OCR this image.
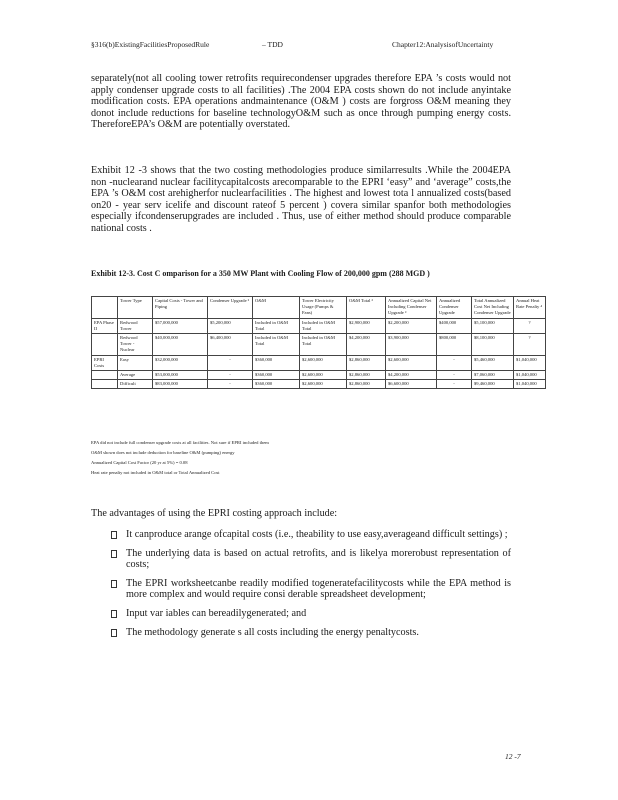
§316(b)ExistingFacilitiesProposedRule	– TDD	Chapter12:AnalysisofUncertainty

separately(not all cooling tower retrofits requirecondenser upgrades therefore EPA ’s costs would not apply condenser upgrade costs to all facilities) .The 2004 EPA costs shown do not include anyintake modification costs. EPA operations andmaintenance (O&M ) costs are forgross O&M meaning they donot include reductions for baseline technologyO&M such as once through pumping energy costs. ThereforeEPA’s O&M are potentially overstated.

Exhibit 12 -3 shows that the two costing methodologies produce similarresults .While the 2004EPA non -nuclearand nuclear facilitycapitalcosts arecomparable to the EPRI ‘easy” and ‘average” costs,the EPA ’s O&M cost arehigherfor nuclearfacilities . The highest and lowest tota l annualized costs(based on20 - year serv icelife and discount rateof 5 percent ) covera similar spanfor both methodologies especially ifcondenserupgrades are included . Thus, use of either method should produce comparable national costs .

Exhibit 12-3. Cost C omparison for a 350 MW Plant with Cooling Flow of 200,000 gpm (288 MGD )

	Tower Type	Capital Costs - Tower and Piping	Condenser Upgrade ³	O&M	Tower Electricity Usage (Pumps & Fans)	O&M Total ²	Annualized Capital Net Including Condenser Upgrade ³	Annualized Condenser Upgrade	Total Annualized Cost Net Including Condenser Upgrade	Annual Heat Rate Penalty ⁴
EPA Phase II	Redwood Tower	$57,000,000	$5,200,000	Included in O&M Total	Included in O&M Total	$2,900,000	$2,200,000	$400,000	$5,100,000	?
	Redwood Tower - Nuclear	$40,000,000	$6,400,000	Included in O&M Total	Included in O&M Total	$4,200,000	$3,900,000	$800,000	$8,100,000	?
EPRI Costs	Easy	$32,000,000	-	$360,000	$2,600,000	$2,860,000	$2,600,000	-	$5,460,000	$1,040,000
	Average	$53,000,000	-	$360,000	$2,600,000	$2,860,000	$4,200,000	-	$7,060,000	$1,040,000
	Difficult	$83,000,000	-	$360,000	$2,600,000	$2,860,000	$6,600,000	-	$9,460,000	$1,040,000
EPA did not include full condenser upgrade costs at all facilities. Not sure if EPRI included them
O&M shown does not include deduction for baseline O&M (pumping) energy
Annualized Capital Cost Factor (20 yr at 5%) = 0.08
Heat rate penalty not included in O&M total or Total Annualized Cost

The advantages of using the EPRI costing approach include:

It canproduce arange ofcapital costs (i.e., theability to use easy,averageand difficult settings) ;
The underlying data is based on actual retrofits, and is likelya morerobust representation of costs;
The EPRI worksheetcanbe readily modified togeneratefacilitycosts while the EPA method is more complex and would require consi derable spreadsheet development;
Input var iables can bereadilygenerated; and
The methodology generate s all costs including the energy penaltycosts.
12 -7
